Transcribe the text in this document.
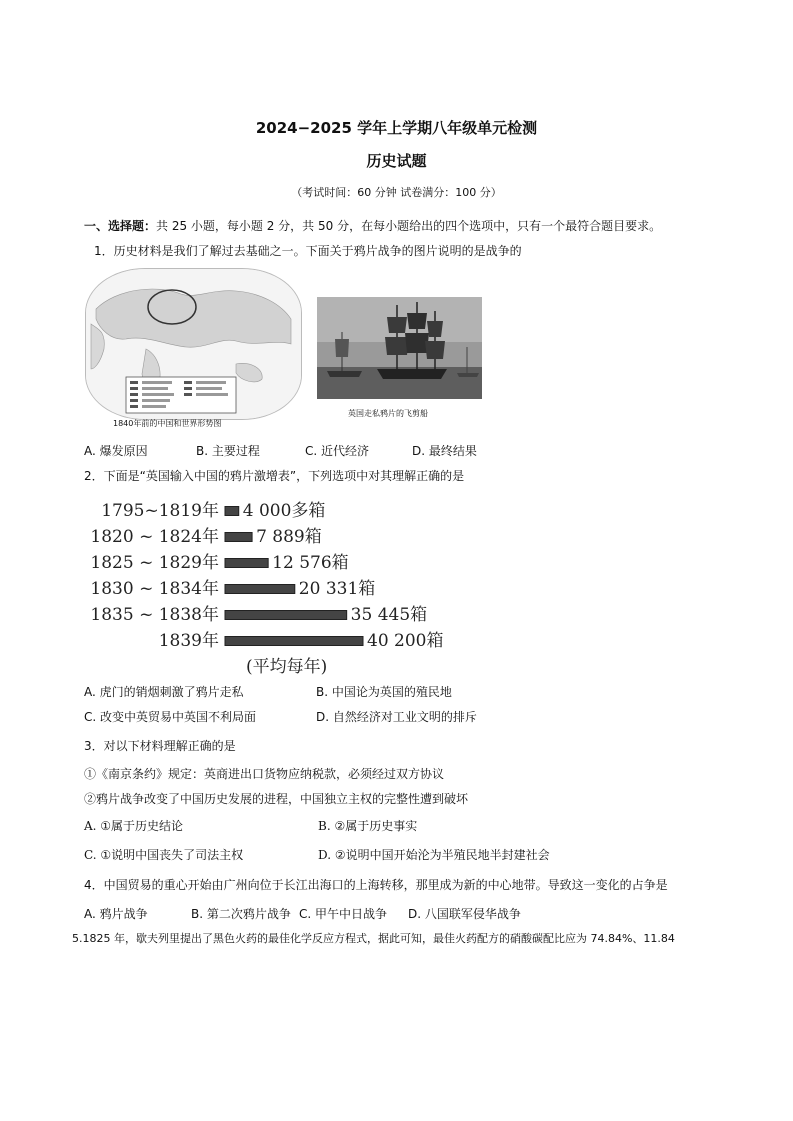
2024−2025 学年上学期八年级单元检测
历史试题
（考试时间：60 分钟 试卷满分：100 分）
一、选择题：共 25 小题，每小题 2 分，共 50 分，在每小题给出的四个选项中，只有一个最符合题目要求。
1．历史材料是我们了解过去基础之一。下面关于鸦片战争的图片说明的是战争的
1840年前的中国和世界形势图
英国走私鸦片的飞剪船
A. 爆发原因	B. 主要过程	C. 近代经济	D. 最终结果
2．下面是“英国输入中国的鸦片激增表”，下列选项中对其理解正确的是
1795~1819年 4 000多箱
1820 ~ 1824年 7 889箱
1825 ~ 1829年	12 576箱
1830 ~ 1834年	20 331箱
1835 ~ 1838年	35 445箱
1839年	40 200箱
(平均每年)
A. 虎门的销烟刺激了鸦片走私	B. 中国论为英国的殖民地
C. 改变中英贸易中英国不利局面	D. 自然经济对工业文明的排斥
3．对以下材料理解正确的是
①《南京条约》规定：英商进出口货物应纳税款，必须经过双方协议
②鸦片战争改变了中国历史发展的进程，中国独立主权的完整性遭到破坏
A. ①属于历史结论	B. ②属于历史事实
C. ①说明中国丧失了司法主权	D. ②说明中国开始沦为半殖民地半封建社会
4．中国贸易的重心开始由广州向位于长江出海口的上海转移，那里成为新的中心地带。导致这一变化的占争是
A. 鸦片战争	B. 第二次鸦片战争 C. 甲午中日战争 D. 八国联军侵华战争
5.1825 年，歇夫列里提出了黑色火药的最佳化学反应方程式，据此可知，最佳火药配方的硝酸碳配比应为 74.84%、11.84
